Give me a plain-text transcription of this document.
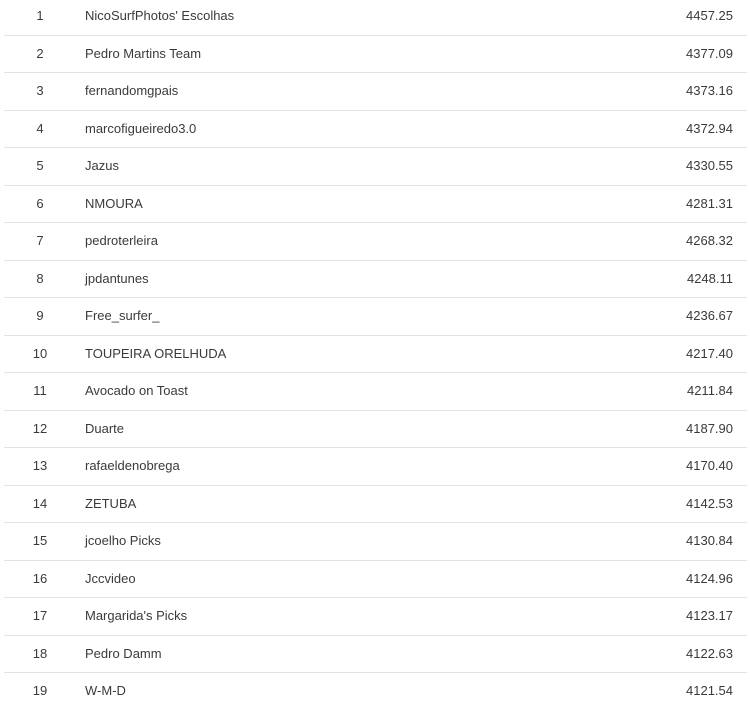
1	NicoSurfPhotos' Escolhas	4457.25
2	Pedro Martins Team	4377.09
3	fernandomgpais	4373.16
4	marcofigueiredo3.0	4372.94
5	Jazus	4330.55
6	NMOURA	4281.31
7	pedroterleira	4268.32
8	jpdantunes	4248.11
9	Free_surfer_	4236.67
10	TOUPEIRA ORELHUDA	4217.40
11	Avocado on Toast	4211.84
12	Duarte	4187.90
13	rafaeldenobrega	4170.40
14	ZETUBA	4142.53
15	jcoelho Picks	4130.84
16	Jccvideo	4124.96
17	Margarida's Picks	4123.17
18	Pedro Damm	4122.63
19	W-M-D	4121.54
